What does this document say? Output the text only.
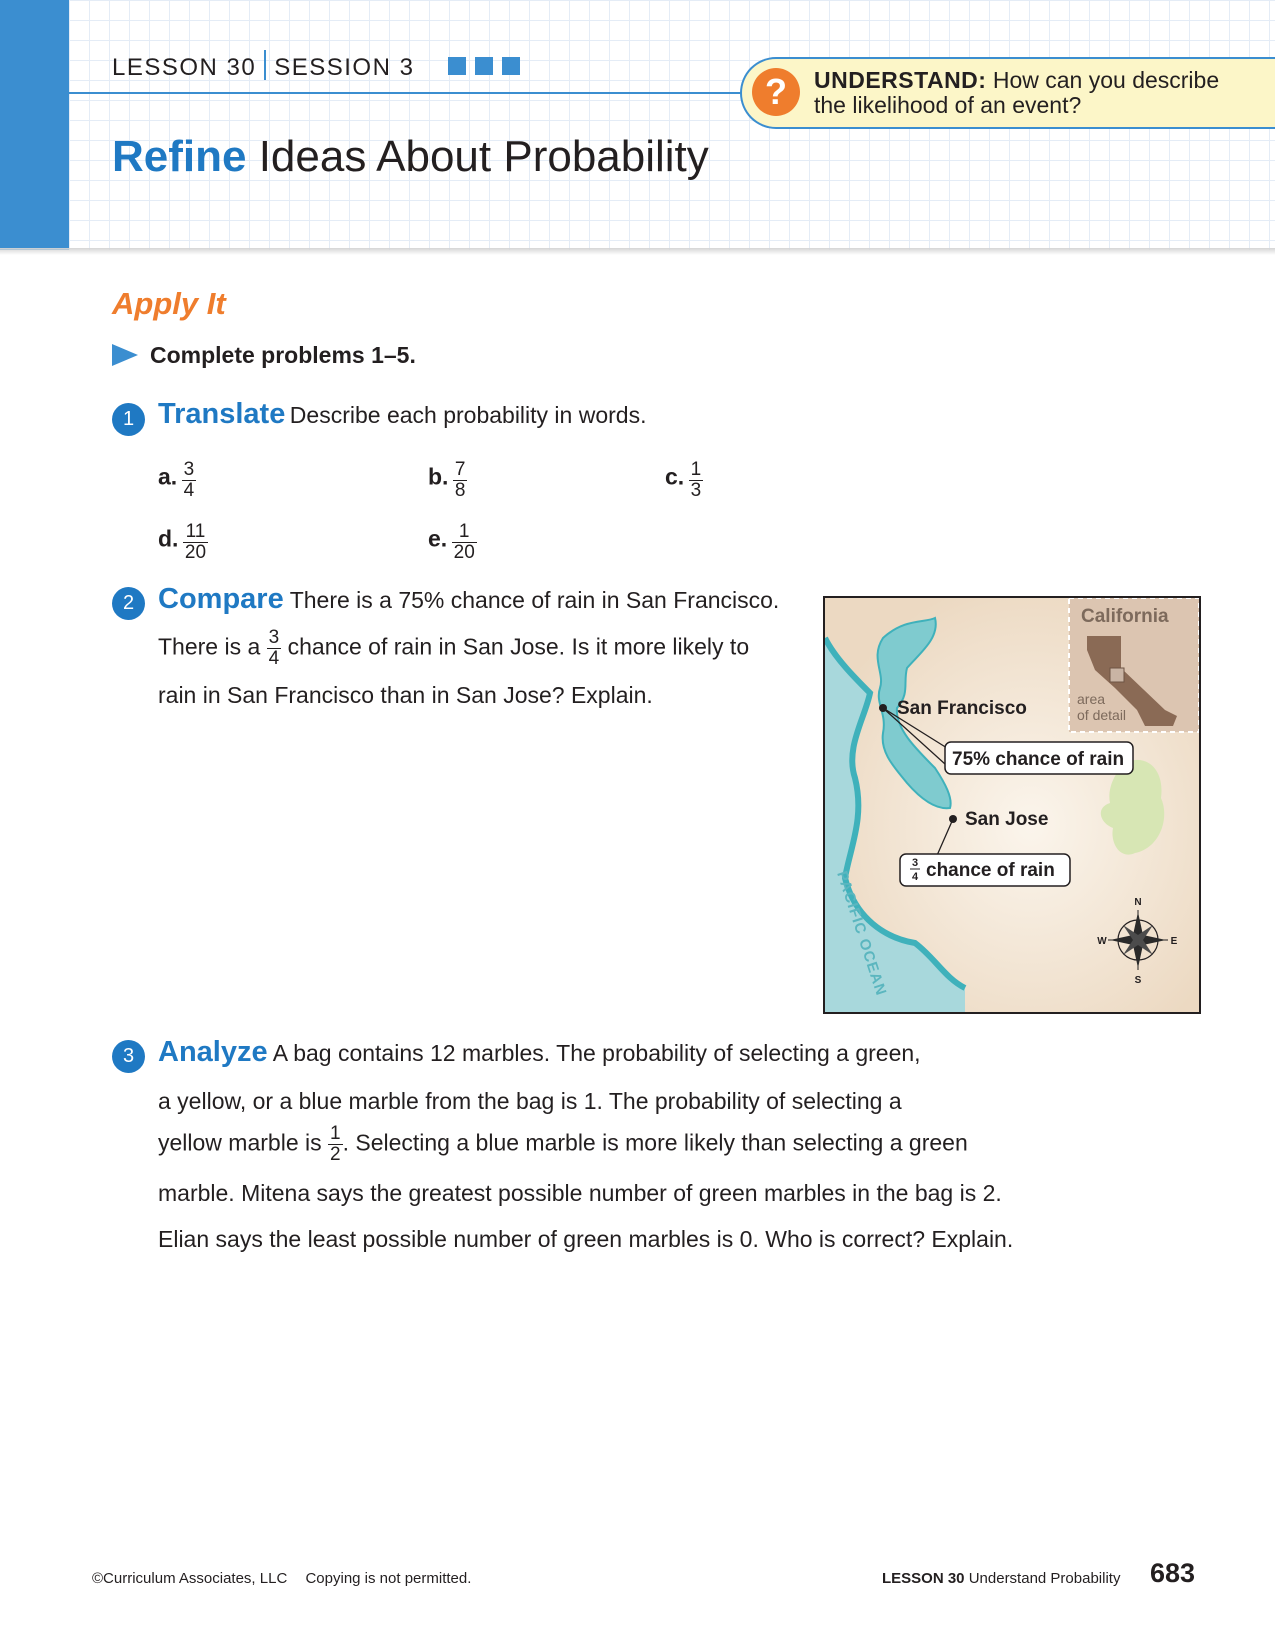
LESSON 30 SESSION 3
?	UNDERSTAND: How can you describe the likelihood of an event?
Refine Ideas About Probability
Apply It
Complete problems 1–5.
1 Translate Describe each probability in words.
a. $\frac{3}{4}$	b. $\frac{7}{8}$	c. $\frac{1}{3}$
d. $\frac{11}{20}$	e. $\frac{1}{20}$
2 Compare There is a 75% chance of rain in San Francisco.
There is a $\frac{3}{4}$ chance of rain in San Jose. Is it more likely to
rain in San Francisco than in San Jose? Explain.
California
area of detail
PACIFIC OCEAN
San Francisco
75% chance of rain
San Jose
3
4 chance of rain
N
S
E
W
3 Analyze A bag contains 12 marbles. The probability of selecting a green,
a yellow, or a blue marble from the bag is 1. The probability of selecting a
yellow marble is $\frac{1}{2}$ . Selecting a blue marble is more likely than selecting a green
marble. Mitena says the greatest possible number of green marbles in the bag is 2.
Elian says the least possible number of green marbles is 0. Who is correct? Explain.
©Curriculum Associates, LLC Copying is not permitted.	LESSON 30 Understand Probability 683
